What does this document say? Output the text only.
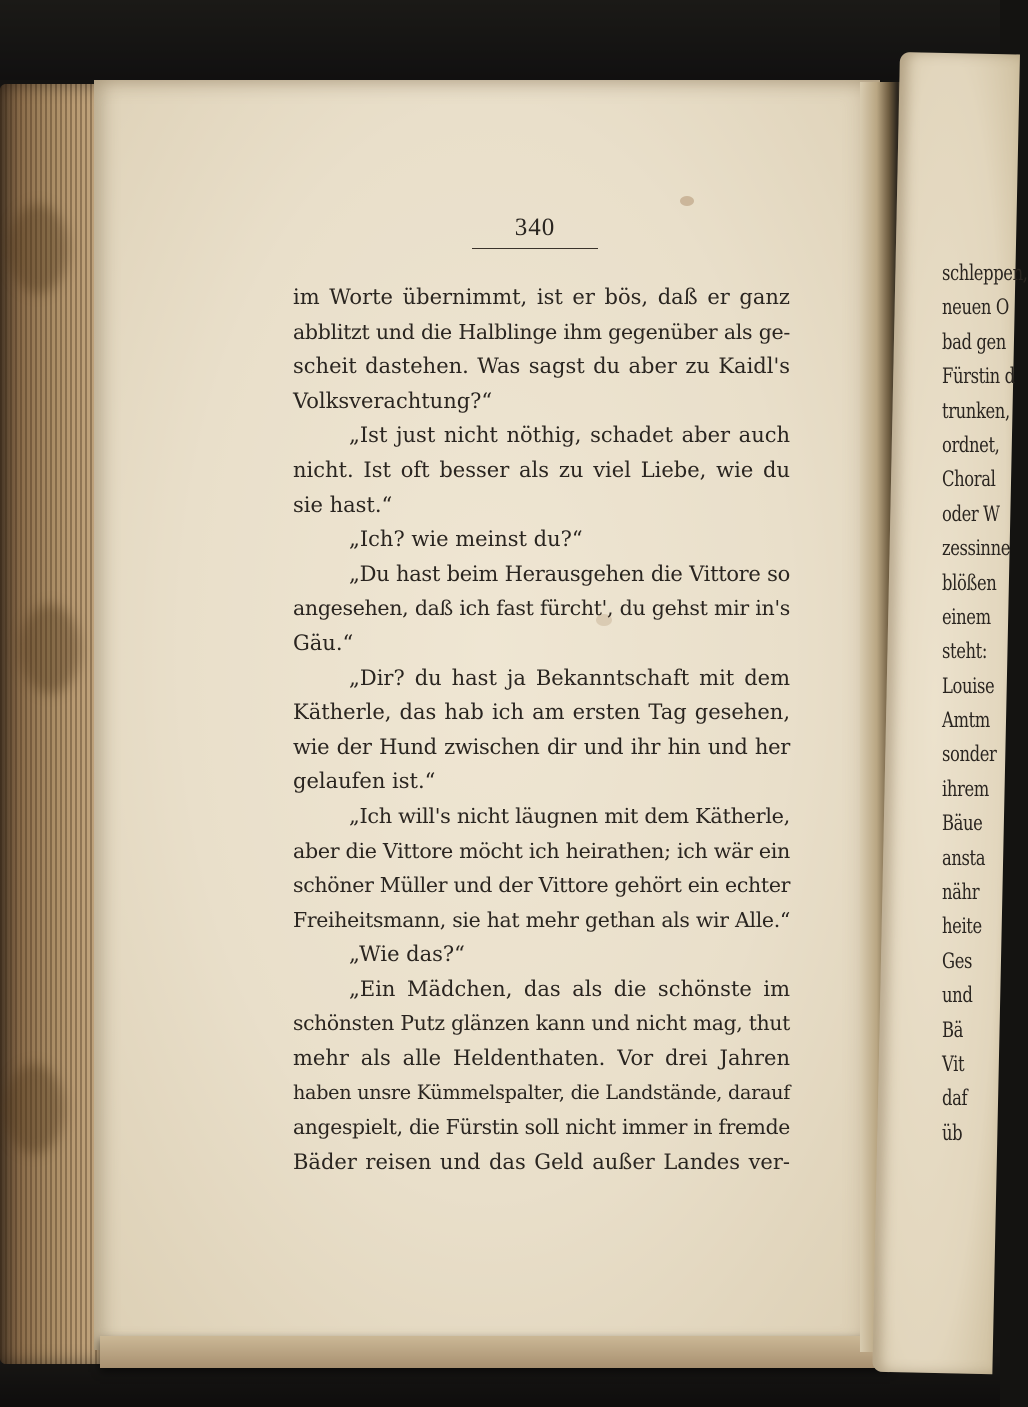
340
im Worte übernimmt, ist er bös, daß er ganz
abblitzt und die Halblinge ihm gegenüber als ge-
scheit dastehen. Was sagst du aber zu Kaidl's
Volksverachtung?“
„Ist just nicht nöthig, schadet aber auch
nicht. Ist oft besser als zu viel Liebe, wie du
sie hast.“
„Ich? wie meinst du?“
„Du hast beim Herausgehen die Vittore so
angesehen, daß ich fast fürcht', du gehst mir in's
Gäu.“
„Dir? du hast ja Bekanntschaft mit dem
Kätherle, das hab ich am ersten Tag gesehen,
wie der Hund zwischen dir und ihr hin und her
gelaufen ist.“
„Ich will's nicht läugnen mit dem Kätherle,
aber die Vittore möcht ich heirathen; ich wär ein
schöner Müller und der Vittore gehört ein echter
Freiheitsmann, sie hat mehr gethan als wir Alle.“
„Wie das?“
„Ein Mädchen, das als die schönste im
schönsten Putz glänzen kann und nicht mag, thut
mehr als alle Heldenthaten. Vor drei Jahren
haben unsre Kümmelspalter, die Landstände, darauf
angespielt, die Fürstin soll nicht immer in fremde
Bäder reisen und das Geld außer Landes ver-
schleppen,
neuen O
bad gen
Fürstin d
trunken,
ordnet,
Choral
oder W
zessinne
blößen
einem
steht:
Louise
Amtm
sonder
ihrem
Bäue
ansta
nähr
heite
Ges
und
Bä
Vit
daf
üb
